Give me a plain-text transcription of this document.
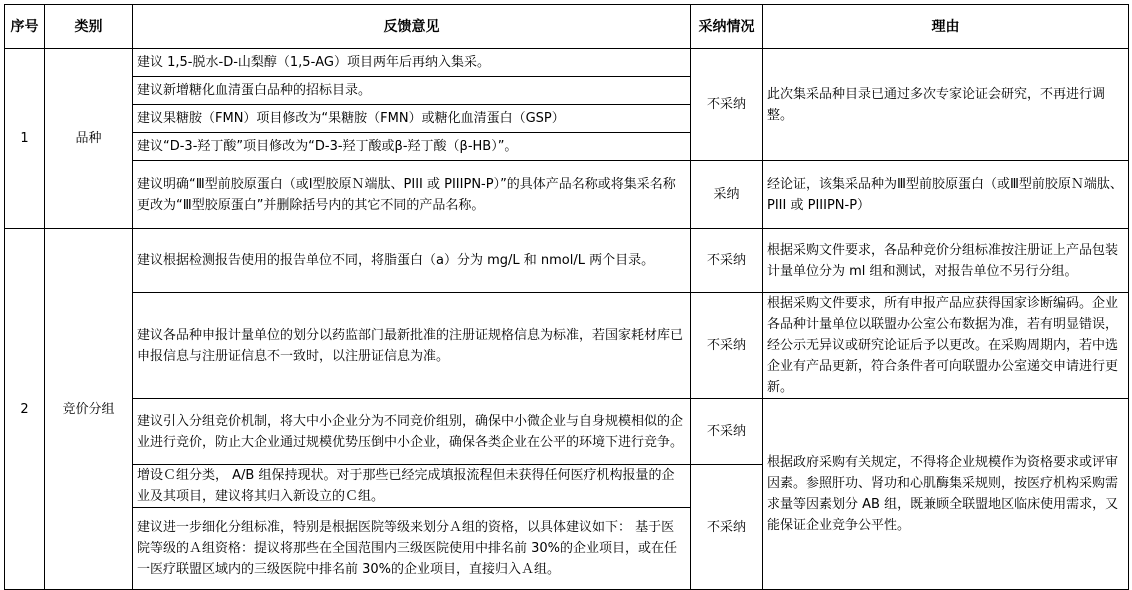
序号	类别	反馈意见	采纳情况	理由
1	品种	建议 1,5-脱水-D-山梨醇（1,5-AG）项目两年后再纳入集采。	不采纳	此次集采品种目录已通过多次专家论证会研究，不再进行调整。
		建议新增糖化血清蛋白品种的招标目录。		
		建议果糖胺（FMN）项目修改为“果糖胺（FMN）或糖化血清蛋白（GSP）		
		建议“D-3-羟丁酸”项目修改为“D-3-羟丁酸或β-羟丁酸（β-HB）”。		
		建议明确“Ⅲ型前胶原蛋白（或Ⅰ型胶原Ｎ端肽、PIII 或 PIIIPN-P）”的具体产品名称或将集采名称更改为“Ⅲ型胶原蛋白”并删除括号内的其它不同的产品名称。	采纳	经论证，该集采品种为Ⅲ型前胶原蛋白（或Ⅲ型前胶原Ｎ端肽、PIII 或 PIIIPN-P）
2	竞价分组	建议根据检测报告使用的报告单位不同，将脂蛋白（a）分为 mg/L 和 nmol/L 两个目录。	不采纳	根据采购文件要求，各品种竞价分组标准按注册证上产品包装计量单位分为 ml 组和测试，对报告单位不另行分组。
		建议各品种申报计量单位的划分以药监部门最新批准的注册证规格信息为标准，若国家耗材库已申报信息与注册证信息不一致时，以注册证信息为准。	不采纳	根据采购文件要求，所有申报产品应获得国家诊断编码。企业各品种计量单位以联盟办公室公布数据为准，若有明显错误，经公示无异议或研究论证后予以更改。在采购周期内，若中选企业有产品更新，符合条件者可向联盟办公室递交申请进行更新。
		建议引入分组竞价机制，将大中小企业分为不同竞价组别，确保中小微企业与自身规模相似的企业进行竞价，防止大企业通过规模优势压倒中小企业，确保各类企业在公平的环境下进行竞争。	不采纳	根据政府采购有关规定，不得将企业规模作为资格要求或评审因素。参照肝功、肾功和心肌酶集采规则，按医疗机构采购需求量等因素划分 AB 组，既兼顾全联盟地区临床使用需求，又能保证企业竞争公平性。
		增设Ｃ组分类， A/B 组保持现状。对于那些已经完成填报流程但未获得任何医疗机构报量的企业及其项目，建议将其归入新设立的Ｃ组。	不采纳	
		建议进一步细化分组标准，特别是根据医院等级来划分Ａ组的资格，以具体建议如下： 基于医院等级的Ａ组资格：提议将那些在全国范围内三级医院使用中排名前 30%的企业项目，或在任一医疗联盟区域内的三级医院中排名前 30%的企业项目，直接归入Ａ组。		
